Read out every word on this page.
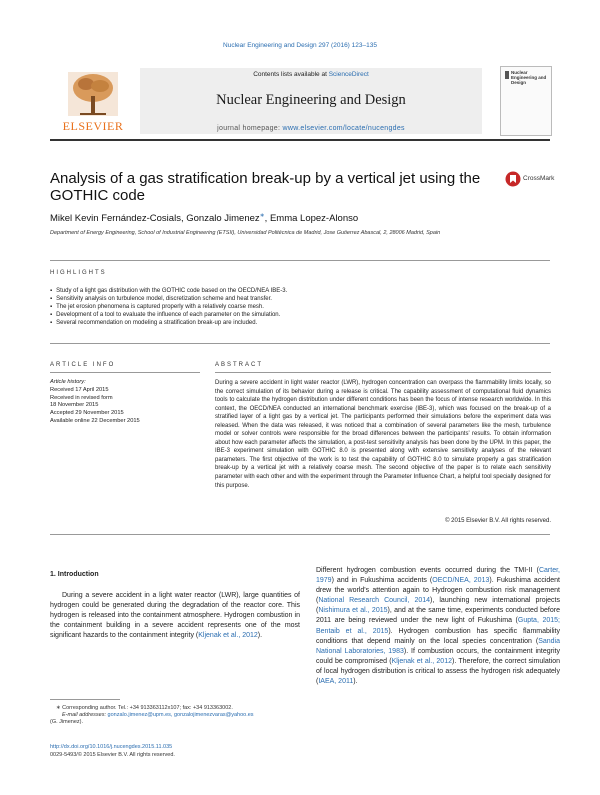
Nuclear Engineering and Design 297 (2016) 123–135
ELSEVIER
Contents lists available at ScienceDirect
Nuclear Engineering and Design
journal homepage: www.elsevier.com/locate/nucengdes
Nuclear Engineering and Design
Analysis of a gas stratification break-up by a vertical jet using the GOTHIC code
CrossMark
Mikel Kevin Fernández-Cosials, Gonzalo Jimenez∗, Emma Lopez-Alonso
Department of Energy Engineering, School of Industrial Engineering (ETSII), Universidad Politécnica de Madrid, Jose Gutierrez Abascal, 2, 28006 Madrid, Spain
HIGHLIGHTS
▪ Study of a light gas distribution with the GOTHIC code based on the OECD/NEA IBE-3.
▪ Sensitivity analysis on turbulence model, discretization scheme and heat transfer.
▪ The jet erosion phenomena is captured properly with a relatively coarse mesh.
▪ Development of a tool to evaluate the influence of each parameter on the simulation.
▪ Several recommendation on modeling a stratification break-up are included.
ARTICLE INFO
Article history:
Received 17 April 2015
Received in revised form
18 November 2015
Accepted 29 November 2015
Available online 22 December 2015
ABSTRACT
During a severe accident in light water reactor (LWR), hydrogen concentration can overpass the flammability limits locally, so the correct simulation of its behavior during a release is critical. The capability assessment of computational fluid dynamics tools to calculate the hydrogen distribution under different conditions has been the focus of intense research worldwide. In this context, the OECD/NEA conducted an international benchmark exercise (IBE-3), which was focused on the break-up of a stratified layer of a light gas by a vertical jet. The participants performed their simulations before the experiment data was released. When the data was released, it was noticed that a combination of several parameters like the mesh, turbulence model or solver controls were responsible for the broad differences between the participants' results. To obtain information about how each parameter affects the simulation, a post-test sensitivity analysis has been done by the UPM. In this paper, the IBE-3 experiment simulation with GOTHIC 8.0 is presented along with extensive sensitivity analyses of the relevant parameters. The first objective of the work is to test the capability of GOTHIC 8.0 to simulate properly a gas stratification break-up by a vertical jet with a relatively coarse mesh. The second objective of the paper is to relate each sensitivity parameter with each other and with the experiment through the Parameter Influence Chart, a helpful tool specially designed for this purpose.
© 2015 Elsevier B.V. All rights reserved.
1. Introduction
During a severe accident in a light water reactor (LWR), large quantities of hydrogen could be generated during the degradation of the reactor core. This hydrogen is released into the containment atmosphere. Hydrogen combustion in the containment building in a severe accident represents one of the most significant hazards to the containment integrity (Kljenak et al., 2012).
∗ Corresponding author. Tel.: +34 913363112x107; fax: +34 913363002.
E-mail addresses: gonzalo.jimenez@upm.es, gonzalojimenezvaras@yahoo.es
(G. Jimenez).
http://dx.doi.org/10.1016/j.nucengdes.2015.11.035
0029-5493/© 2015 Elsevier B.V. All rights reserved.
Different hydrogen combustion events occurred during the TMI-II (Carter, 1979) and in Fukushima accidents (OECD/NEA, 2013). Fukushima accident drew the world's attention again to Hydrogen combustion risk management (National Research Council, 2014), launching new international projects (Nishimura et al., 2015), and at the same time, experiments conducted before 2011 are being reviewed under the new light of Fukushima (Gupta, 2015; Bentaib et al., 2015). Hydrogen combustion has specific flammability conditions that depend mainly on the local species concentration (Sandia National Laboratories, 1983). If combustion occurs, the containment integrity could be compromised (Kljenak et al., 2012). Therefore, the correct simulation of local hydrogen distribution is critical to assess the hydrogen risk adequately (IAEA, 2011).
